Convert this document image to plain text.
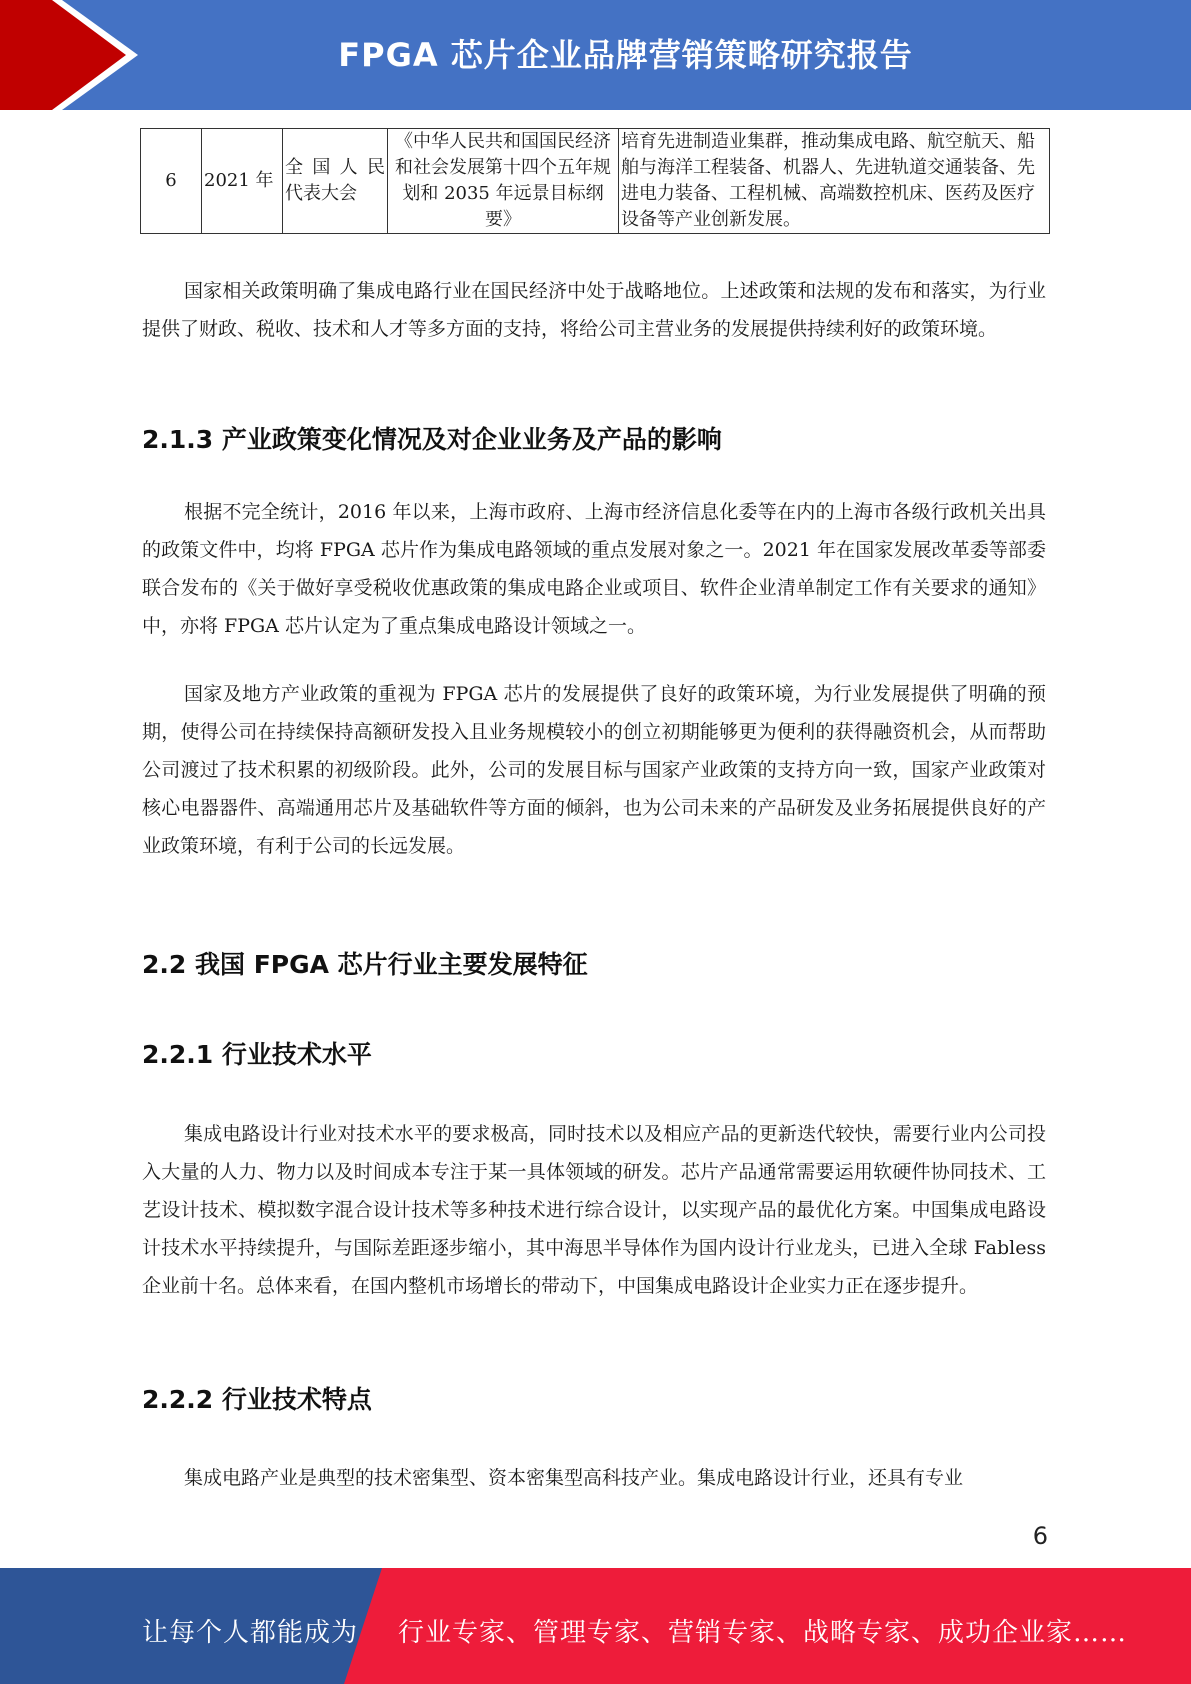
FPGA 芯片企业品牌营销策略研究报告
6	2021 年	全 国 人 民 代表大会	《中华人民共和国国民经济和社会发展第十四个五年规划和 2035 年远景目标纲要》	培育先进制造业集群，推动集成电路、航空航天、船舶与海洋工程装备、机器人、先进轨道交通装备、先进电力装备、工程机械、高端数控机床、医药及医疗设备等产业创新发展。

国家相关政策明确了集成电路行业在国民经济中处于战略地位。上述政策和法规的发布和落实，为行业提供了财政、税收、技术和人才等多方面的支持，将给公司主营业务的发展提供持续利好的政策环境。

2.1.3 产业政策变化情况及对企业业务及产品的影响

根据不完全统计，2016 年以来，上海市政府、上海市经济信息化委等在内的上海市各级行政机关出具的政策文件中，均将 FPGA 芯片作为集成电路领域的重点发展对象之一。2021 年在国家发展改革委等部委联合发布的《关于做好享受税收优惠政策的集成电路企业或项目、软件企业清单制定工作有关要求的通知》中，亦将 FPGA 芯片认定为了重点集成电路设计领域之一。

国家及地方产业政策的重视为 FPGA 芯片的发展提供了良好的政策环境，为行业发展提供了明确的预期，使得公司在持续保持高额研发投入且业务规模较小的创立初期能够更为便利的获得融资机会，从而帮助公司渡过了技术积累的初级阶段。此外，公司的发展目标与国家产业政策的支持方向一致，国家产业政策对核心电器器件、高端通用芯片及基础软件等方面的倾斜，也为公司未来的产品研发及业务拓展提供良好的产业政策环境，有利于公司的长远发展。

2.2 我国 FPGA 芯片行业主要发展特征
2.2.1 行业技术水平

集成电路设计行业对技术水平的要求极高，同时技术以及相应产品的更新迭代较快，需要行业内公司投入大量的人力、物力以及时间成本专注于某一具体领域的研发。芯片产品通常需要运用软硬件协同技术、工艺设计技术、模拟数字混合设计技术等多种技术进行综合设计，以实现产品的最优化方案。中国集成电路设计技术水平持续提升，与国际差距逐步缩小，其中海思半导体作为国内设计行业龙头，已进入全球 Fabless 企业前十名。总体来看，在国内整机市场增长的带动下，中国集成电路设计企业实力正在逐步提升。

2.2.2 行业技术特点

集成电路产业是典型的技术密集型、资本密集型高科技产业。集成电路设计行业，还具有专业

6
让每个人都能成为 行业专家、管理专家、营销专家、战略专家、成功企业家……
